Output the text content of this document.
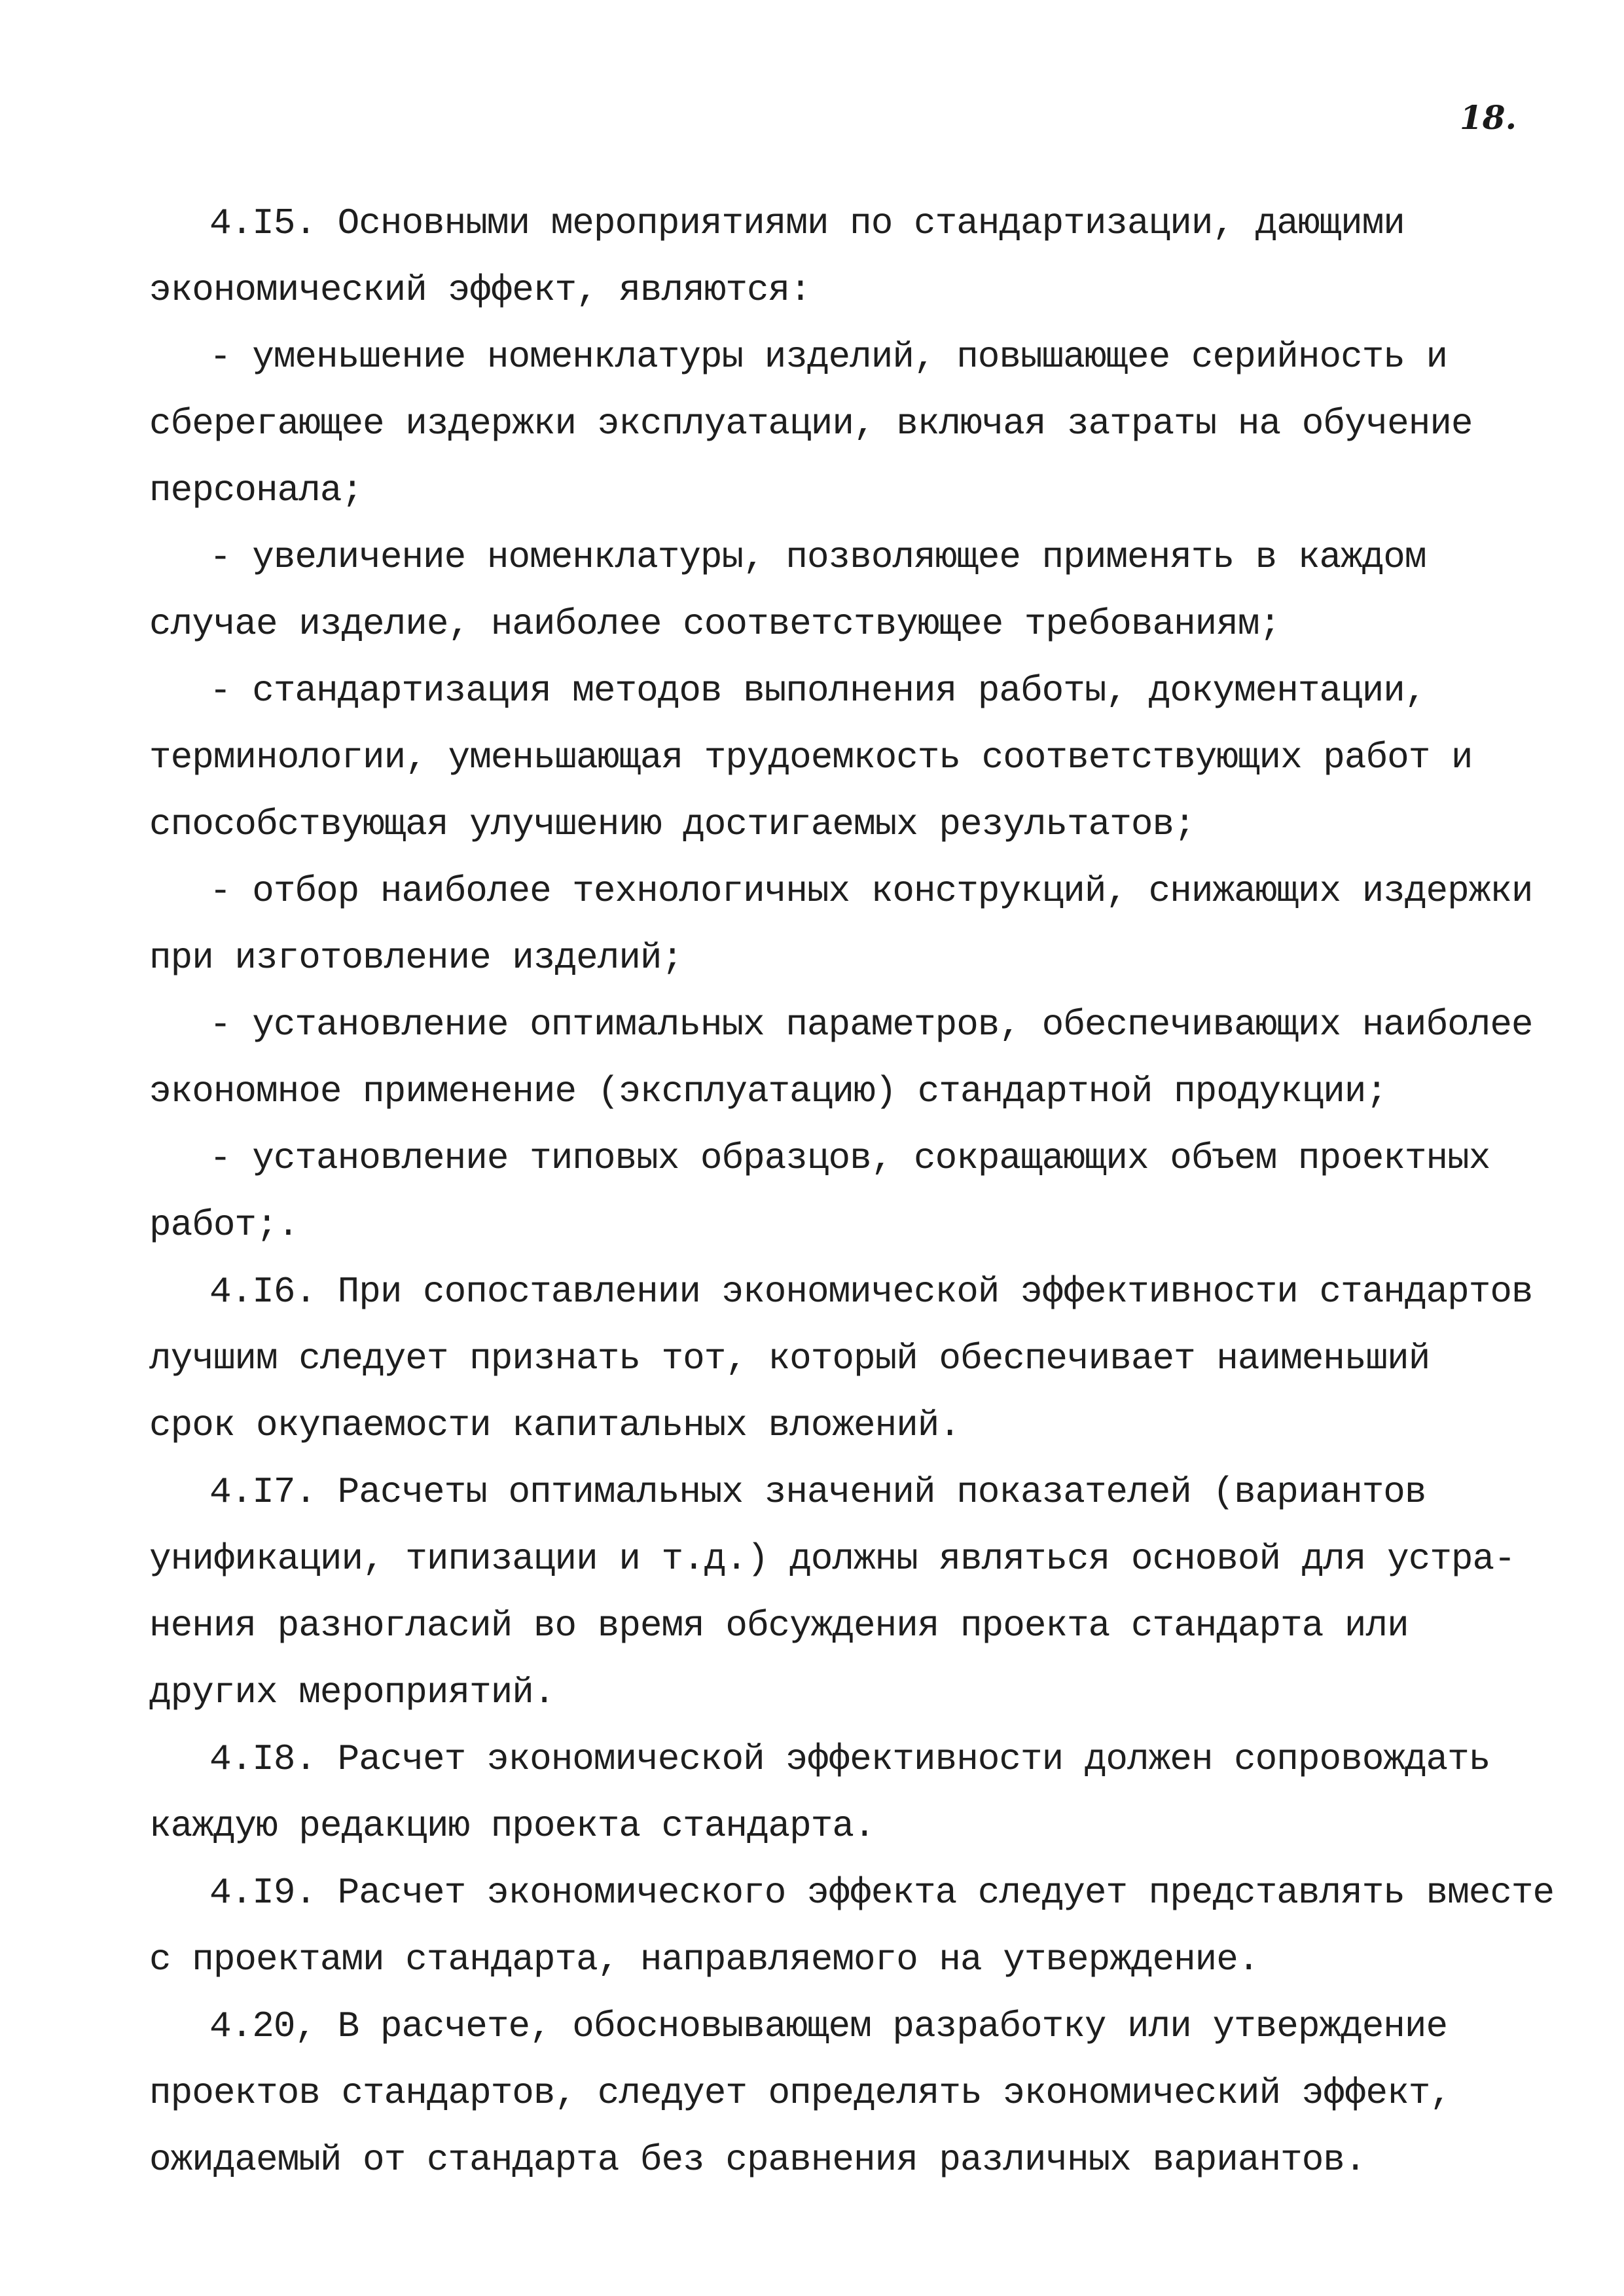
18.
4.I5. Основными мероприятиями по стандартизации, дающими
экономический эффект, являются:
- уменьшение номенклатуры изделий, повышающее серийность и
сберегающее издержки эксплуатации, включая затраты на обучение
персонала;
- увеличение номенклатуры, позволяющее применять в каждом
случае изделие, наиболее соответствующее требованиям;
- стандартизация методов выполнения работы, документации,
терминологии, уменьшающая трудоемкость соответствующих работ и
способствующая улучшению достигаемых результатов;
- отбор наиболее технологичных конструкций, снижающих издержки
при изготовление изделий;
- установление оптимальных параметров, обеспечивающих наиболее
экономное применение (эксплуатацию) стандартной продукции;
- установление типовых образцов, сокращающих объем проектных
работ;.
4.I6. При сопоставлении экономической эффективности стандартов
лучшим следует признать тот, который обеспечивает наименьший
срок окупаемости капитальных вложений.
4.I7. Расчеты оптимальных значений показателей (вариантов
унификации, типизации и т.д.) должны являться основой для устра-
нения разногласий во время обсуждения проекта стандарта или
других мероприятий.
4.I8. Расчет экономической эффективности должен сопровождать
каждую редакцию проекта стандарта.
4.I9. Расчет экономического эффекта следует представлять вместе
с проектами стандарта, направляемого на утверждение.
4.20, В расчете, обосновывающем разработку или утверждение
проектов стандартов, следует определять экономический эффект,
ожидаемый от стандарта без сравнения различных вариантов.
